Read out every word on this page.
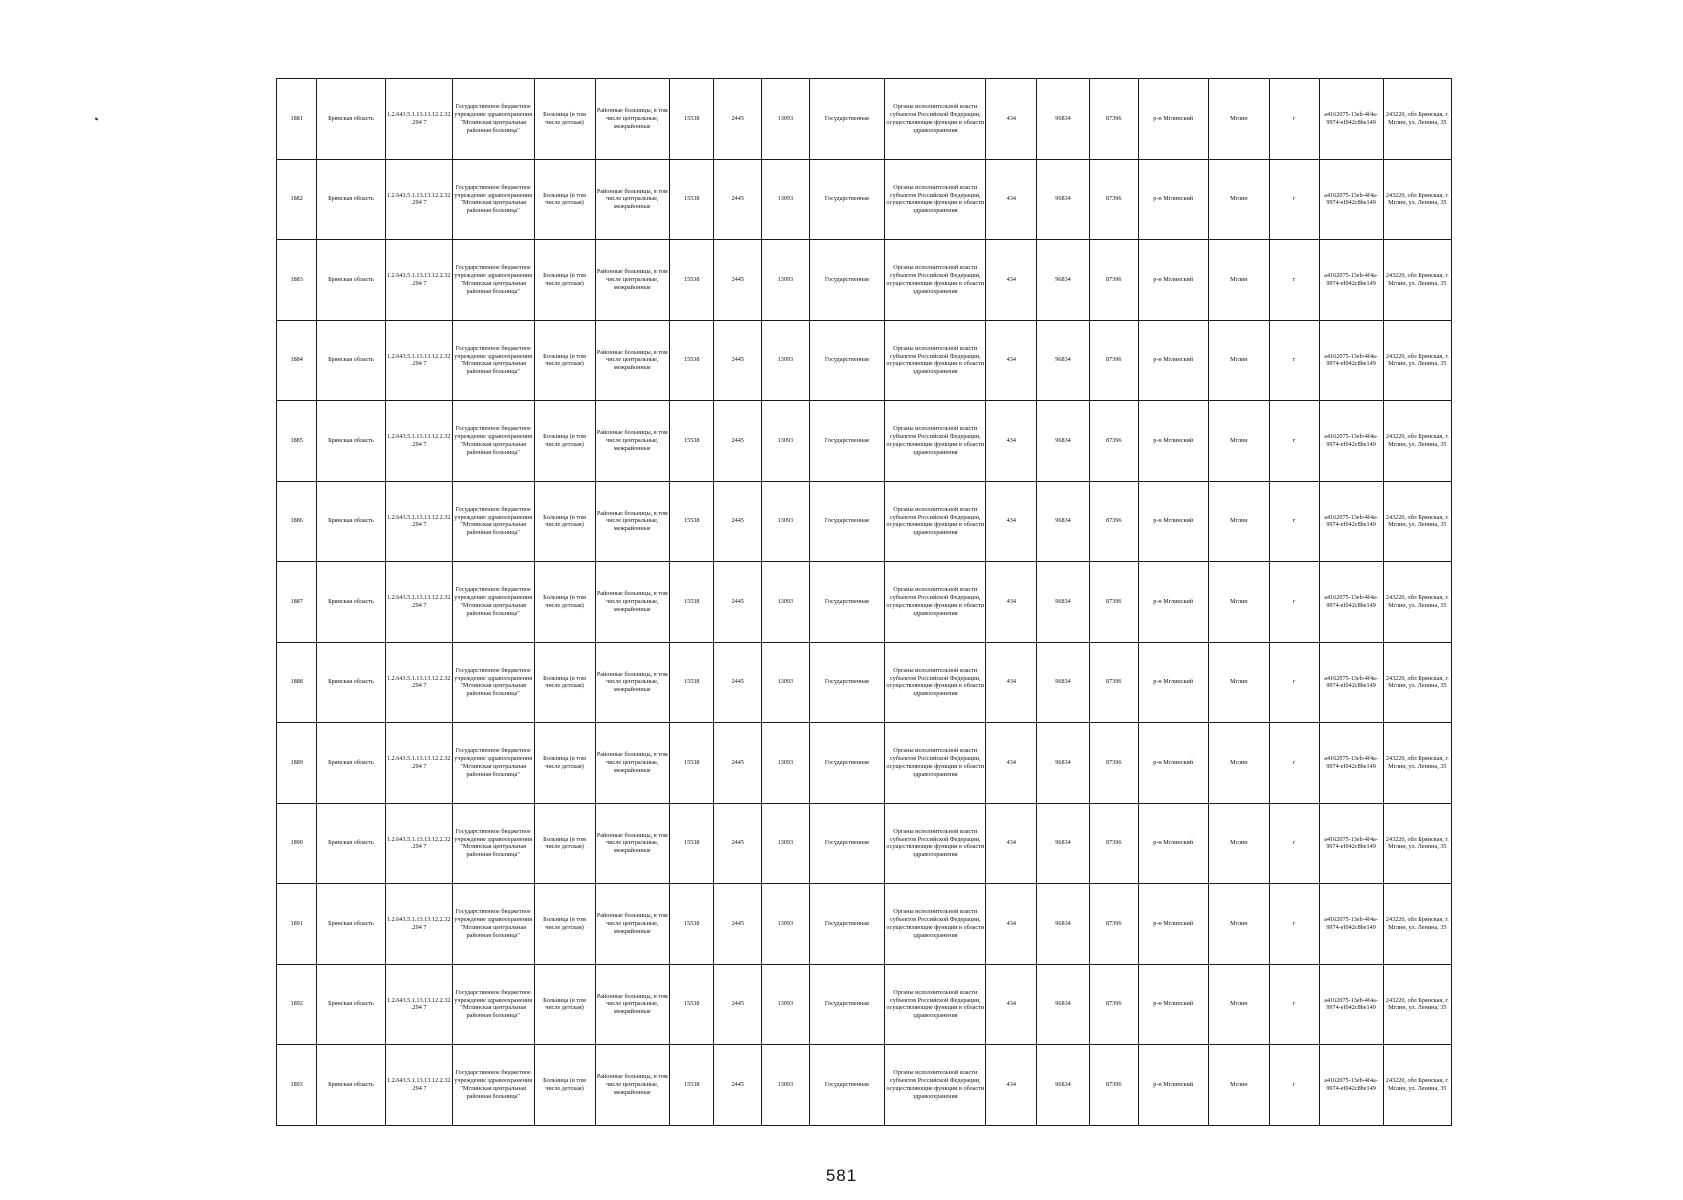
1881	Брянская область	1.2.643.5.1.13.13.12.2.32.294 7	Государственное бюджетное учреждение здравоохранения "Мглинская центральная районная больница"	Больница (в том числе детская)	Районные больницы, в том числе центральные, межрайонные	15538	2445	13093	Государственная	Органы исполнительной власти субъектов Российской Федерации, осуществляющие функции в области здравоохранения	434	96834	87396	р-н Мглинский	Мглин	г	a4162075-13eb-4f4a-9974-ef042c8be149	243220, обл Брянская, г. Мглин, ул. Ленина, 35
1882	Брянская область	1.2.643.5.1.13.13.12.2.32.294 7	Государственное бюджетное учреждение здравоохранения "Мглинская центральная районная больница"	Больница (в том числе детская)	Районные больницы, в том числе центральные, межрайонные	15538	2445	13093	Государственная	Органы исполнительной власти субъектов Российской Федерации, осуществляющие функции в области здравоохранения	434	96834	87396	р-н Мглинский	Мглин	г	a4162075-13eb-4f4a-9974-ef042c8be149	243220, обл Брянская, г. Мглин, ул. Ленина, 35
1883	Брянская область	1.2.643.5.1.13.13.12.2.32.294 7	Государственное бюджетное учреждение здравоохранения "Мглинская центральная районная больница"	Больница (в том числе детская)	Районные больницы, в том числе центральные, межрайонные	15538	2445	13093	Государственная	Органы исполнительной власти субъектов Российской Федерации, осуществляющие функции в области здравоохранения	434	96834	87396	р-н Мглинский	Мглин	г	a4162075-13eb-4f4a-9974-ef042c8be149	243220, обл Брянская, г. Мглин, ул. Ленина, 35
1884	Брянская область	1.2.643.5.1.13.13.12.2.32.294 7	Государственное бюджетное учреждение здравоохранения "Мглинская центральная районная больница"	Больница (в том числе детская)	Районные больницы, в том числе центральные, межрайонные	15538	2445	13093	Государственная	Органы исполнительной власти субъектов Российской Федерации, осуществляющие функции в области здравоохранения	434	96834	87396	р-н Мглинский	Мглин	г	a4162075-13eb-4f4a-9974-ef042c8be149	243220, обл Брянская, г. Мглин, ул. Ленина, 35
1885	Брянская область	1.2.643.5.1.13.13.12.2.32.294 7	Государственное бюджетное учреждение здравоохранения "Мглинская центральная районная больница"	Больница (в том числе детская)	Районные больницы, в том числе центральные, межрайонные	15538	2445	13093	Государственная	Органы исполнительной власти субъектов Российской Федерации, осуществляющие функции в области здравоохранения	434	96834	87396	р-н Мглинский	Мглин	г	a4162075-13eb-4f4a-9974-ef042c8be149	243220, обл Брянская, г. Мглин, ул. Ленина, 35
1886	Брянская область	1.2.643.5.1.13.13.12.2.32.294 7	Государственное бюджетное учреждение здравоохранения "Мглинская центральная районная больница"	Больница (в том числе детская)	Районные больницы, в том числе центральные, межрайонные	15538	2445	13093	Государственная	Органы исполнительной власти субъектов Российской Федерации, осуществляющие функции в области здравоохранения	434	96834	87396	р-н Мглинский	Мглин	г	a4162075-13eb-4f4a-9974-ef042c8be149	243220, обл Брянская, г. Мглин, ул. Ленина, 35
1887	Брянская область	1.2.643.5.1.13.13.12.2.32.294 7	Государственное бюджетное учреждение здравоохранения "Мглинская центральная районная больница"	Больница (в том числе детская)	Районные больницы, в том числе центральные, межрайонные	15538	2445	13093	Государственная	Органы исполнительной власти субъектов Российской Федерации, осуществляющие функции в области здравоохранения	434	96834	87396	р-н Мглинский	Мглин	г	a4162075-13eb-4f4a-9974-ef042c8be149	243220, обл Брянская, г. Мглин, ул. Ленина, 35
1888	Брянская область	1.2.643.5.1.13.13.12.2.32.294 7	Государственное бюджетное учреждение здравоохранения "Мглинская центральная районная больница"	Больница (в том числе детская)	Районные больницы, в том числе центральные, межрайонные	15538	2445	13093	Государственная	Органы исполнительной власти субъектов Российской Федерации, осуществляющие функции в области здравоохранения	434	96834	87396	р-н Мглинский	Мглин	г	a4162075-13eb-4f4a-9974-ef042c8be149	243220, обл Брянская, г. Мглин, ул. Ленина, 35
1889	Брянская область	1.2.643.5.1.13.13.12.2.32.294 7	Государственное бюджетное учреждение здравоохранения "Мглинская центральная районная больница"	Больница (в том числе детская)	Районные больницы, в том числе центральные, межрайонные	15538	2445	13093	Государственная	Органы исполнительной власти субъектов Российской Федерации, осуществляющие функции в области здравоохранения	434	96834	87396	р-н Мглинский	Мглин	г	a4162075-13eb-4f4a-9974-ef042c8be149	243220, обл Брянская, г. Мглин, ул. Ленина, 35
1890	Брянская область	1.2.643.5.1.13.13.12.2.32.294 7	Государственное бюджетное учреждение здравоохранения "Мглинская центральная районная больница"	Больница (в том числе детская)	Районные больницы, в том числе центральные, межрайонные	15538	2445	13093	Государственная	Органы исполнительной власти субъектов Российской Федерации, осуществляющие функции в области здравоохранения	434	96834	87396	р-н Мглинский	Мглин	г	a4162075-13eb-4f4a-9974-ef042c8be149	243220, обл Брянская, г. Мглин, ул. Ленина, 35
1891	Брянская область	1.2.643.5.1.13.13.12.2.32.294 7	Государственное бюджетное учреждение здравоохранения "Мглинская центральная районная больница"	Больница (в том числе детская)	Районные больницы, в том числе центральные, межрайонные	15538	2445	13093	Государственная	Органы исполнительной власти субъектов Российской Федерации, осуществляющие функции в области здравоохранения	434	96834	87396	р-н Мглинский	Мглин	г	a4162075-13eb-4f4a-9974-ef042c8be149	243220, обл Брянская, г. Мглин, ул. Ленина, 35
1892	Брянская область	1.2.643.5.1.13.13.12.2.32.294 7	Государственное бюджетное учреждение здравоохранения "Мглинская центральная районная больница"	Больница (в том числе детская)	Районные больницы, в том числе центральные, межрайонные	15538	2445	13093	Государственная	Органы исполнительной власти субъектов Российской Федерации, осуществляющие функции в области здравоохранения	434	96834	87396	р-н Мглинский	Мглин	г	a4162075-13eb-4f4a-9974-ef042c8be149	243220, обл Брянская, г. Мглин, ул. Ленина, 35
1893	Брянская область	1.2.643.5.1.13.13.12.2.32.294 7	Государственное бюджетное учреждение здравоохранения "Мглинская центральная районная больница"	Больница (в том числе детская)	Районные больницы, в том числе центральные, межрайонные	15538	2445	13093	Государственная	Органы исполнительной власти субъектов Российской Федерации, осуществляющие функции в области здравоохранения	434	96834	87396	р-н Мглинский	Мглин	г	a4162075-13eb-4f4a-9974-ef042c8be149	243220, обл Брянская, г. Мглин, ул. Ленина, 35
581
